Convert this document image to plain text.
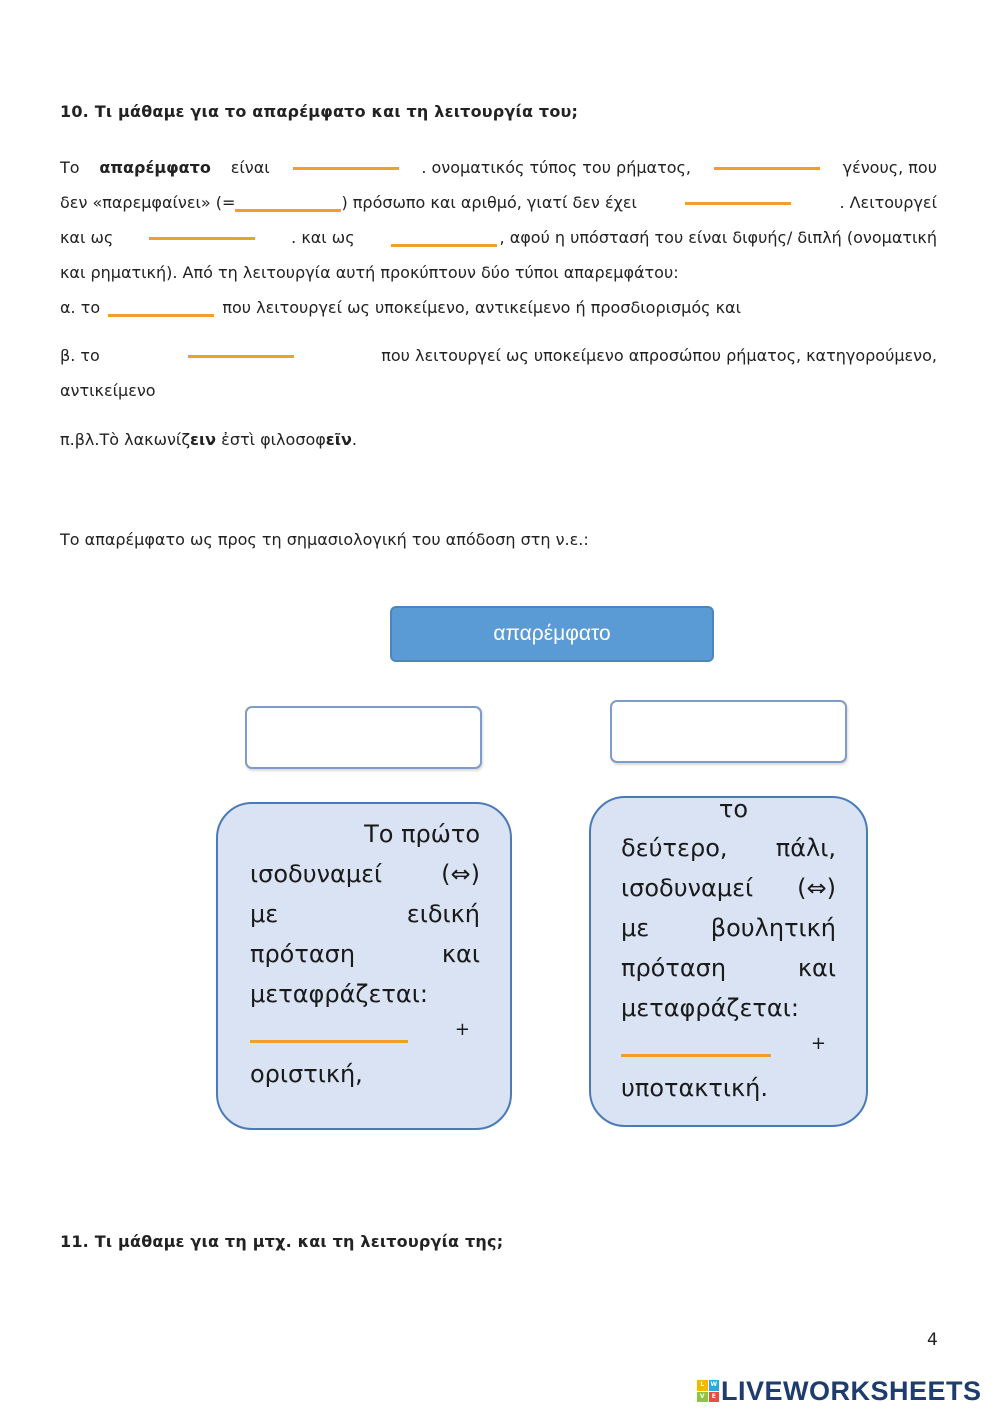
10. Τι μάθαμε για το απαρέμφατο και τη λειτουργία του;
Το απαρέμφατο είναι	. ονοματικός τύπος του ρήματος,	γένους, που
δεν «παρεμφαίνει» (=	) πρόσωπο και αριθμό, γιατί δεν έχει	. Λειτουργεί
και ως	. και ως	, αφού η υπόστασή του είναι διφυής/ διπλή (ονοματική
και ρηματική). Από τη λειτουργία αυτή προκύπτουν δύο τύποι απαρεμφάτου:
α. το	που λειτουργεί ως υποκείμενο, αντικείμενο ή προσδιορισμός και
β. το	που λειτουργεί ως υποκείμενο απροσώπου ρήματος, κατηγορούμενο,
αντικείμενο
π.βλ.Τὸ λακωνίζειν ἐστὶ φιλοσοφεῖν.
Το απαρέμφατο ως προς τη σημασιολογική του απόδοση στη ν.ε.:
απαρέμφατο
Το πρώτο
ισοδυναμεί (⇔)
με	ειδική
πρόταση	και
μεταφράζεται:
+
οριστική,
το
δεύτερο, πάλι,
ισοδυναμεί (⇔)
με	βουλητική
πρόταση	και
μεταφράζεται:
+
υποτακτική.
11. Τι μάθαμε για τη μτχ. και τη λειτουργία της;
4
L	W
V	E LIVEWORKSHEETS
